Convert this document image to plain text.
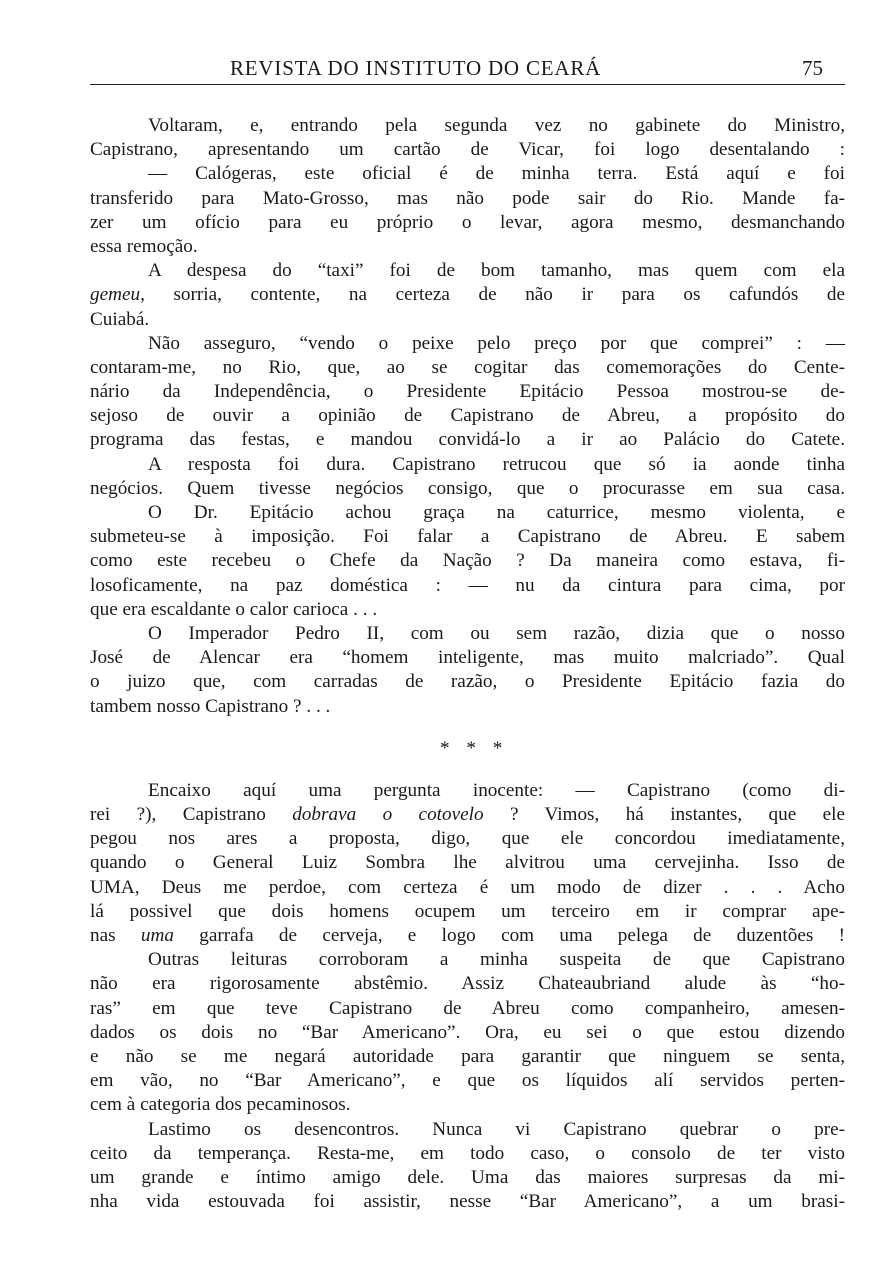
REVISTA DO INSTITUTO DO CEARÁ	75
Voltaram, e, entrando pela segunda vez no gabinete do Ministro,
Capistrano, apresentando um cartão de Vicar, foi logo desentalando :
— Calógeras, este oficial é de minha terra. Está aquí e foi
transferido para Mato-Grosso, mas não pode sair do Rio. Mande fa-
zer um ofício para eu próprio o levar, agora mesmo, desmanchando
essa remoção.
A despesa do “taxi” foi de bom tamanho, mas quem com ela
gemeu, sorria, contente, na certeza de não ir para os cafundós de
Cuiabá.
Não asseguro, “vendo o peixe pelo preço por que comprei” : —
contaram-me, no Rio, que, ao se cogitar das comemorações do Cente-
nário da Independência, o Presidente Epitácio Pessoa mostrou-se de-
sejoso de ouvir a opinião de Capistrano de Abreu, a propósito do
programa das festas, e mandou convidá-lo a ir ao Palácio do Catete.
A resposta foi dura. Capistrano retrucou que só ia aonde tinha
negócios. Quem tivesse negócios consigo, que o procurasse em sua casa.
O Dr. Epitácio achou graça na caturrice, mesmo violenta, e
submeteu-se à imposição. Foi falar a Capistrano de Abreu. E sabem
como este recebeu o Chefe da Nação ? Da maneira como estava, fi-
losoficamente, na paz doméstica : — nu da cintura para cima, por
que era escaldante o calor carioca . . .
O Imperador Pedro II, com ou sem razão, dizia que o nosso
José de Alencar era “homem inteligente, mas muito malcriado”. Qual
o juizo que, com carradas de razão, o Presidente Epitácio fazia do
tambem nosso Capistrano ? . . .
* * *
Encaixo aquí uma pergunta inocente: — Capistrano (como di-
rei ?), Capistrano dobrava o cotovelo ? Vimos, há instantes, que ele
pegou nos ares a proposta, digo, que ele concordou imediatamente,
quando o General Luiz Sombra lhe alvitrou uma cervejinha. Isso de
UMA, Deus me perdoe, com certeza é um modo de dizer . . . Acho
lá possivel que dois homens ocupem um terceiro em ir comprar ape-
nas uma garrafa de cerveja, e logo com uma pelega de duzentões !
Outras leituras corroboram a minha suspeita de que Capistrano
não era rigorosamente abstêmio. Assiz Chateaubriand alude às “ho-
ras” em que teve Capistrano de Abreu como companheiro, amesen-
dados os dois no “Bar Americano”. Ora, eu sei o que estou dizendo
e não se me negará autoridade para garantir que ninguem se senta,
em vão, no “Bar Americano”, e que os líquidos alí servidos perten-
cem à categoria dos pecaminosos.
Lastimo os desencontros. Nunca vi Capistrano quebrar o pre-
ceito da temperança. Resta-me, em todo caso, o consolo de ter visto
um grande e íntimo amigo dele. Uma das maiores surpresas da mi-
nha vida estouvada foi assistir, nesse “Bar Americano”, a um brasi-
